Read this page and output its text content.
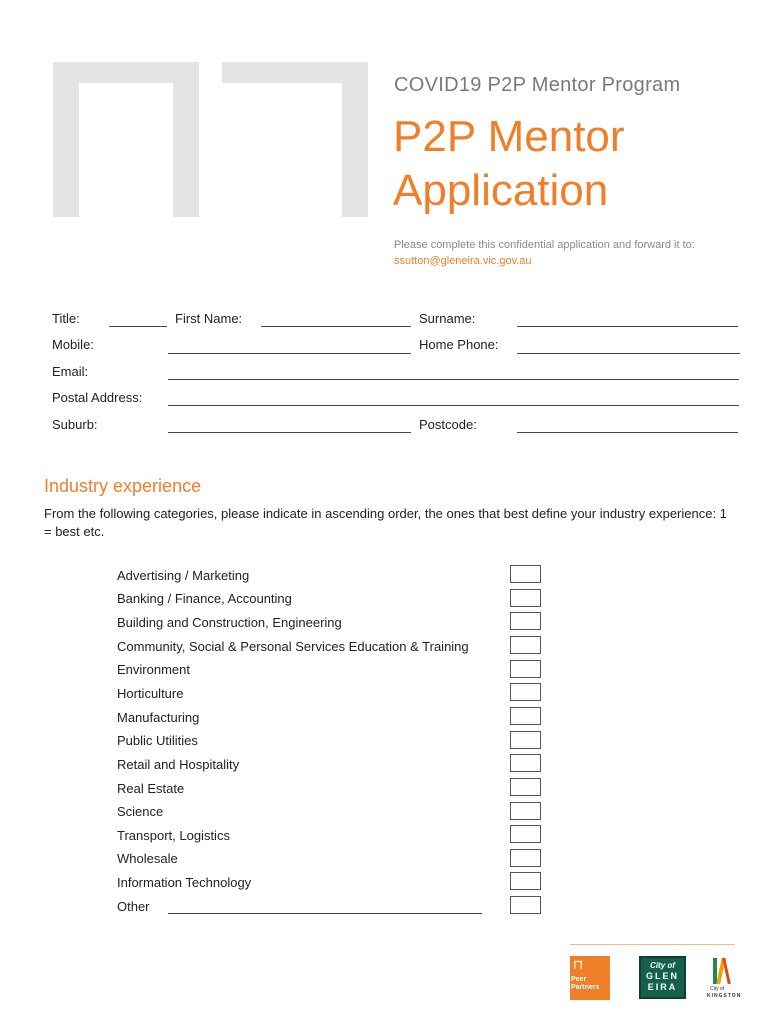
COVID19 P2P Mentor Program
P2P Mentor
Application
Please complete this confidential application and forward it to:
ssutton@gleneira.vic.gov.au
Title:	First Name:	Surname:
Mobile:	Home Phone:
Email:
Postal Address:
Suburb:	Postcode:
Industry experience
From the following categories, please indicate in ascending order, the ones that best define your industry experience: 1 = best etc.
Advertising / Marketing
Banking / Finance, Accounting
Building and Construction, Engineering
Community, Social & Personal Services Education & Training
Environment
Horticulture
Manufacturing
Public Utilities
Retail and Hospitality
Real Estate
Science
Transport, Logistics
Wholesale
Information Technology
Other
⊓
Peer Partners
Program.
City of
GLEN
EIRA	City of
KINGSTON
